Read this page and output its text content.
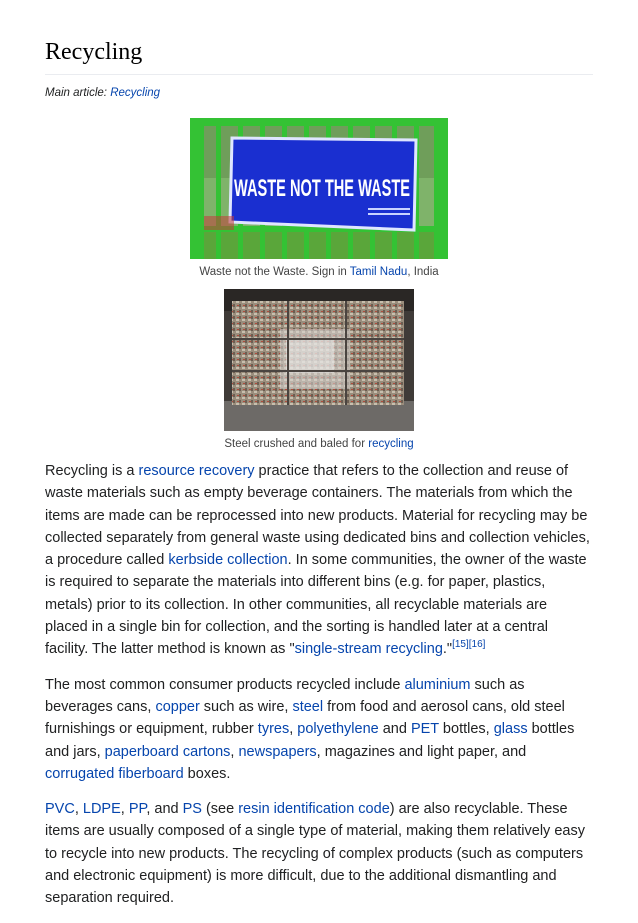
Recycling
Main article: Recycling
WASTE NOT THE WASTE
Waste not the Waste. Sign in Tamil Nadu, India
Steel crushed and baled for recycling

Recycling is a resource recovery practice that refers to the collection and reuse of waste materials such as empty beverage containers. The materials from which the items are made can be reprocessed into new products. Material for recycling may be collected separately from general waste using dedicated bins and collection vehicles, a procedure called kerbside collection. In some communities, the owner of the waste is required to separate the materials into different bins (e.g. for paper, plastics, metals) prior to its collection. In other communities, all recyclable materials are placed in a single bin for collection, and the sorting is handled later at a central facility. The latter method is known as "single-stream recycling."[15][16]

The most common consumer products recycled include aluminium such as beverages cans, copper such as wire, steel from food and aerosol cans, old steel furnishings or equipment, rubber tyres, polyethylene and PET bottles, glass bottles and jars, paperboard cartons, newspapers, magazines and light paper, and corrugated fiberboard boxes.

PVC, LDPE, PP, and PS (see resin identification code) are also recyclable. These items are usually composed of a single type of material, making them relatively easy to recycle into new products. The recycling of complex products (such as computers and electronic equipment) is more difficult, due to the additional dismantling and separation required.
